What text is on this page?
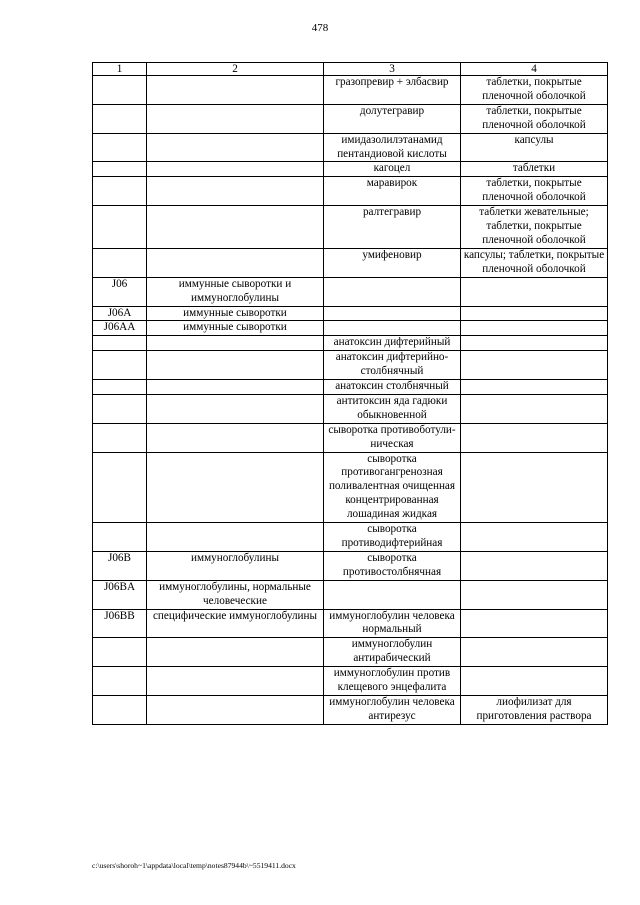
478
1	2	3	4
		гразопревир + элбасвир	таблетки, покрытые пленочной оболочкой
		долутегравир	таблетки, покрытые пленочной оболочкой
		имидазолилэтанамид пентандиовой кислоты	капсулы
		кагоцел	таблетки
		маравирок	таблетки, покрытые пленочной оболочкой
		ралтегравир	таблетки жевательные; таблетки, покрытые пленочной оболочкой
		умифеновир	капсулы; таблетки, покрытые пленочной оболочкой
J06	иммунные сыворотки и иммуноглобулины		
J06A	иммунные сыворотки		
J06AA	иммунные сыворотки		
		анатоксин дифтерийный	
		анатоксин дифтерийно-столбнячный	
		анатоксин столбнячный	
		антитоксин яда гадюки обыкновенной	
		сыворотка противоботули-ническая	
		сыворотка противогангренозная поливалентная очищенная концентрированная лошадиная жидкая	
		сыворотка противодифтерийная	
J06B	иммуноглобулины	сыворотка противостолбнячная	
J06BA	иммуноглобулины, нормальные человеческие		
J06BB	специфические иммуноглобулины	иммуноглобулин человека нормальный	
		иммуноглобулин антирабический	
		иммуноглобулин против клещевого энцефалита	
		иммуноглобулин человека антирезус	лиофилизат для приготовления раствора
c:\users\shoroh~1\appdata\local\temp\notes87944b\~5519411.docx
